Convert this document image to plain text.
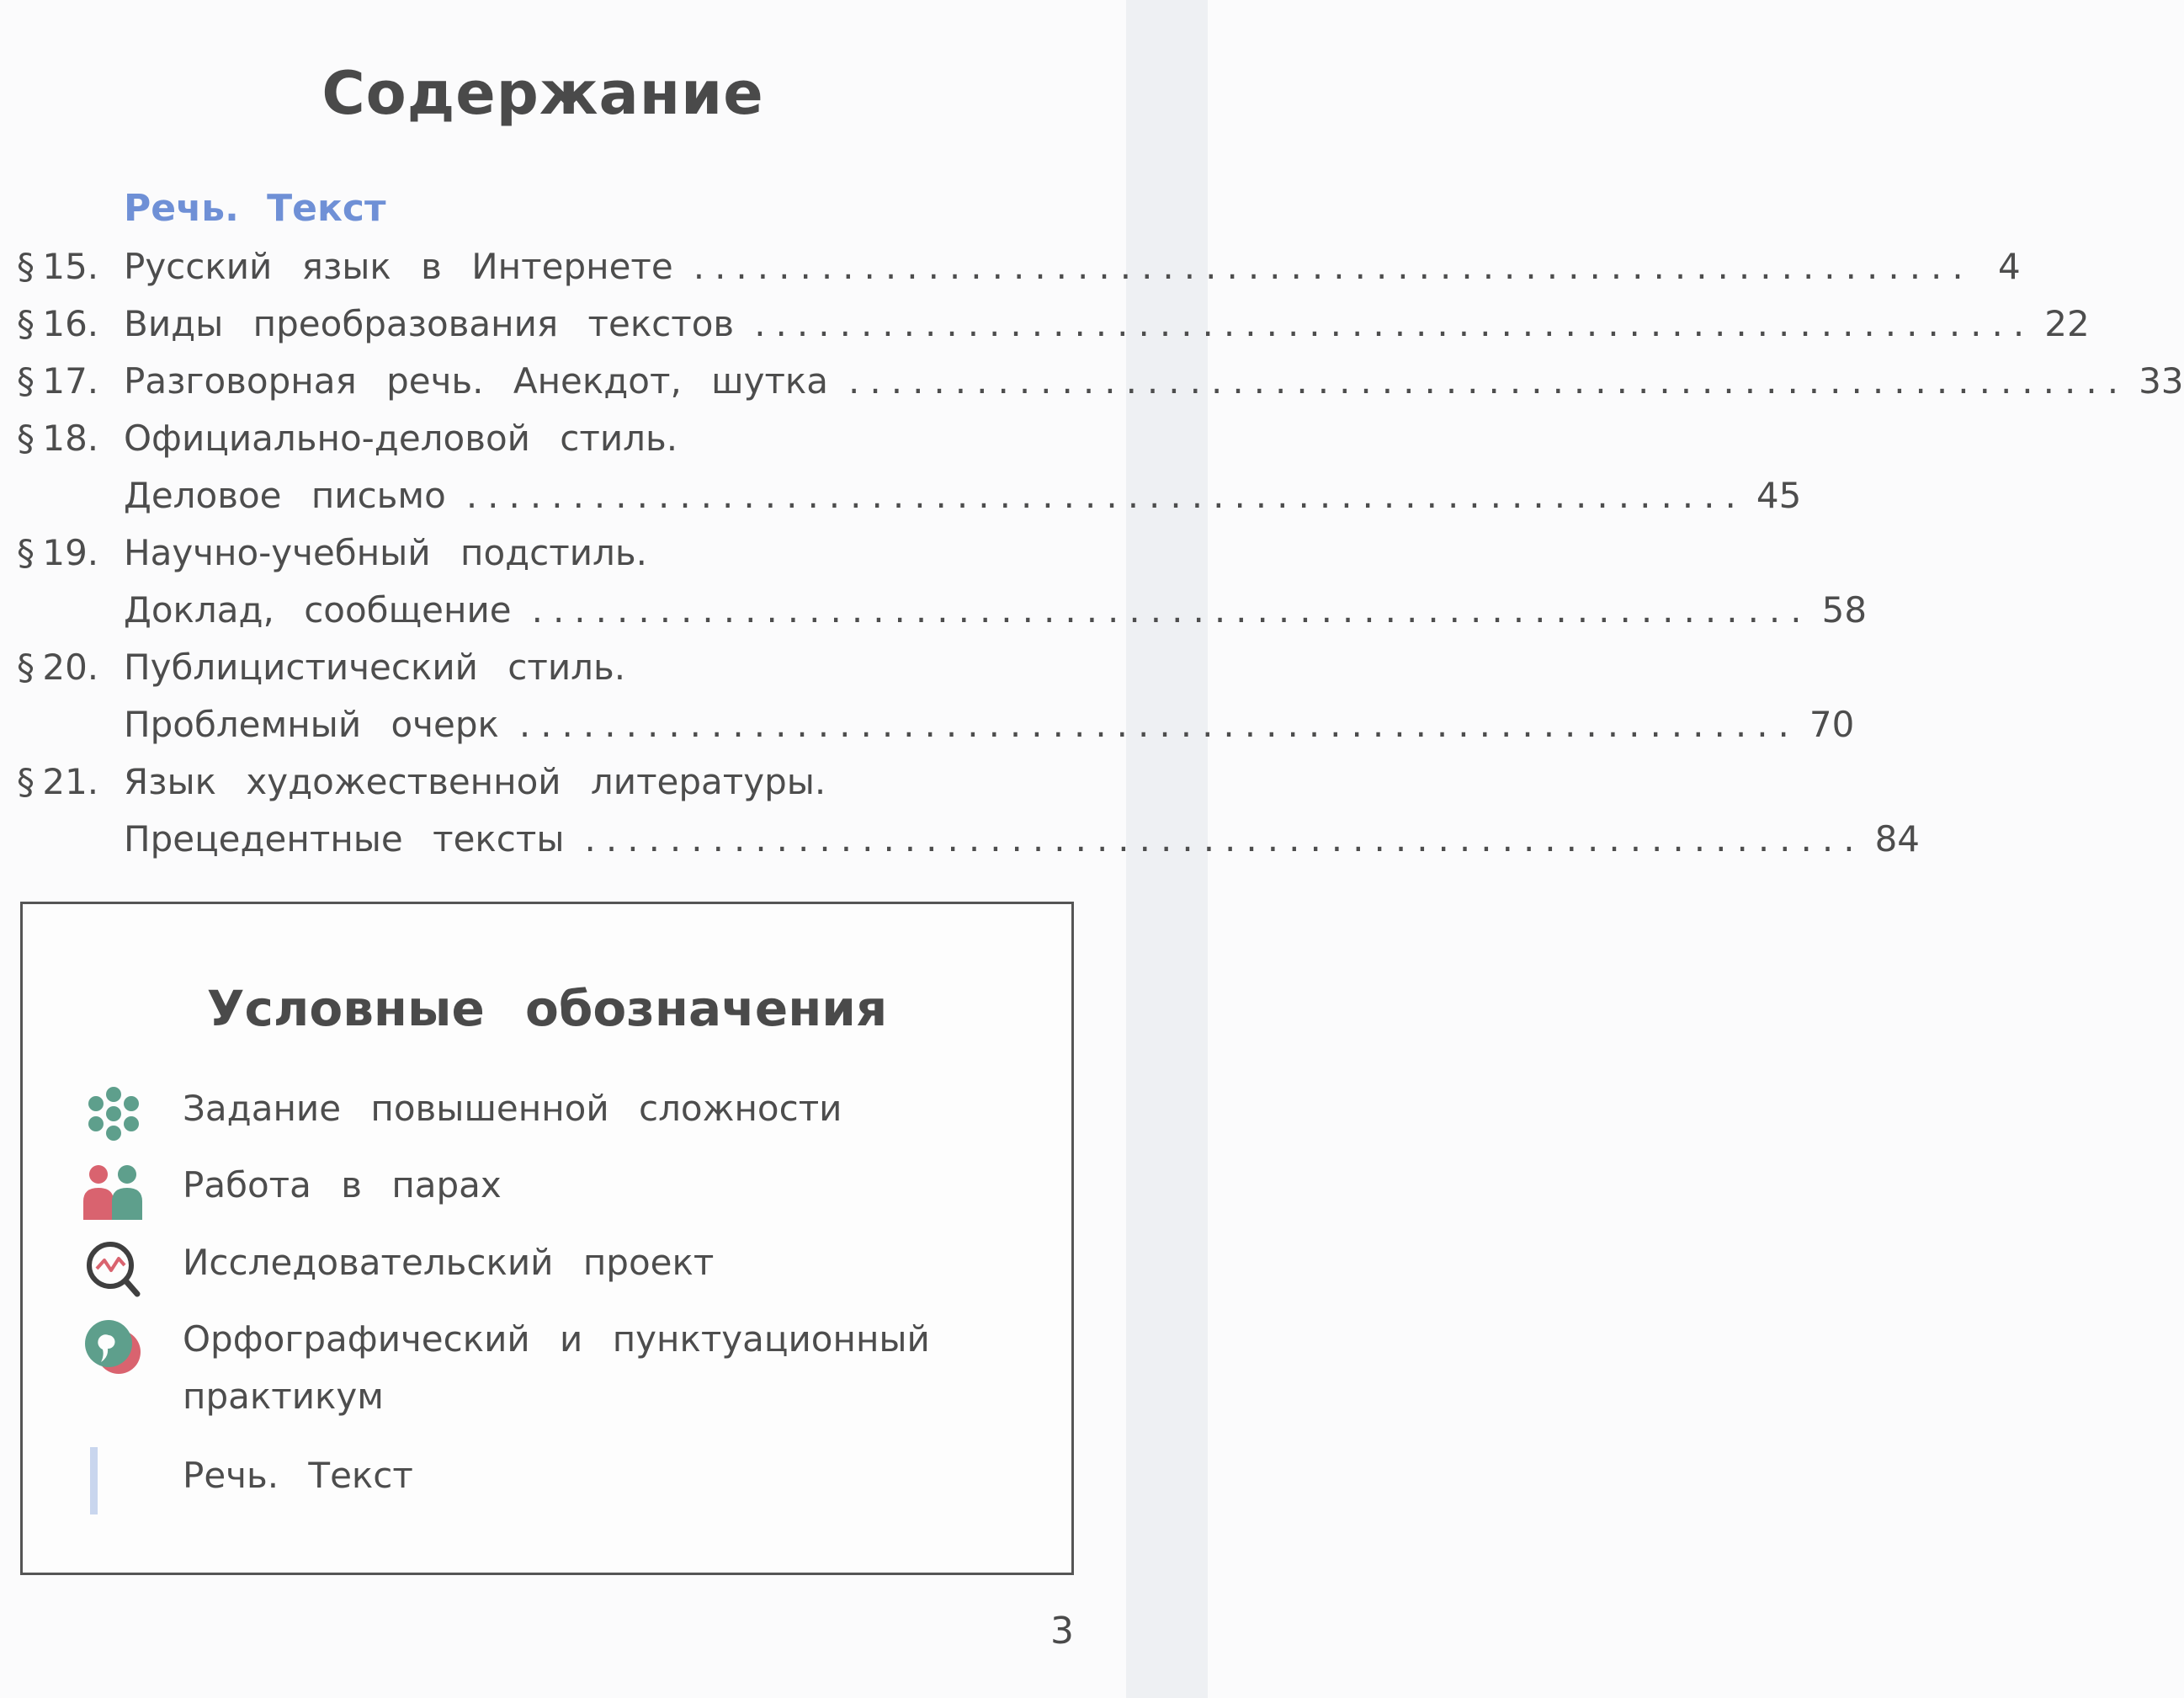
Содержание
Речь. Текст
§ 15. Русский язык в Интернете ............................................................ 4
§ 16. Виды преобразования текстов ............................................................ 22
§ 17. Разговорная речь. Анекдот, шутка ............................................................ 33
§ 18. Официально-деловой стиль.
Деловое письмо ............................................................ 45
§ 19. Научно-учебный подстиль.
Доклад, сообщение ............................................................ 58
§ 20. Публицистический стиль.
Проблемный очерк ............................................................ 70
§ 21. Язык художественной литературы.
Прецедентные тексты ............................................................ 84
Условные обозначения
Задание повышенной сложности
Работа в парах
Исследовательский проект
Орфографический и пунктуационный
практикум
Речь. Текст
3
